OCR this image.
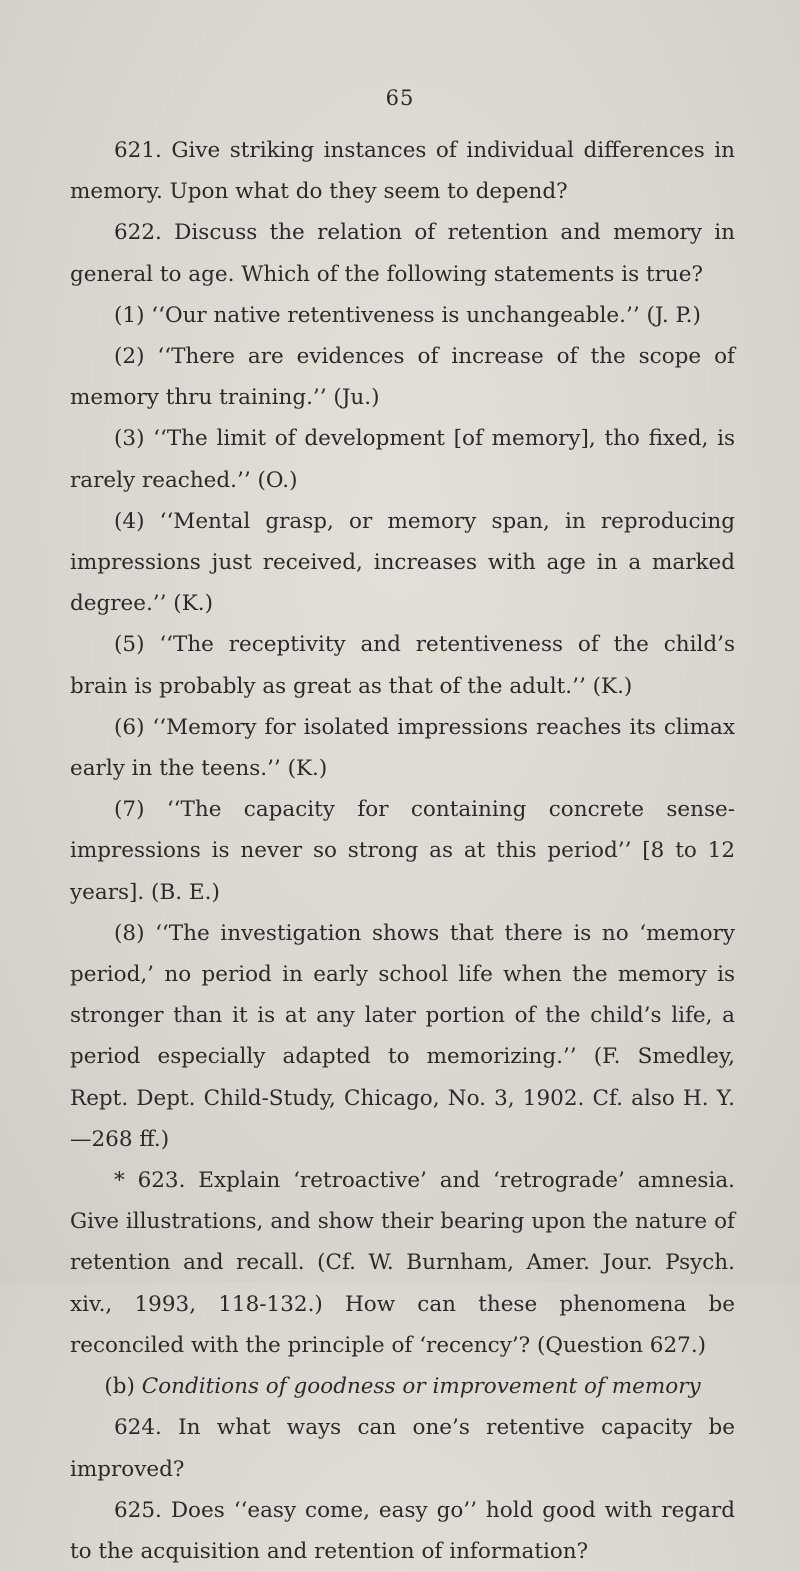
65

621. Give striking instances of individual differences in memory. Upon what do they seem to depend?

622. Discuss the relation of retention and memory in general to age. Which of the following statements is true?

(1) ‘‘Our native retentiveness is unchangeable.’’ (J. P.)

(2) ‘‘There are evidences of increase of the scope of memory thru training.’’ (Ju.)

(3) ‘‘The limit of development [of memory], tho fixed, is rarely reached.’’ (O.)

(4) ‘‘Mental grasp, or memory span, in reproducing impressions just received, increases with age in a marked degree.’’ (K.)

(5) ‘‘The receptivity and retentiveness of the child’s brain is probably as great as that of the adult.’’ (K.)

(6) ‘‘Memory for isolated impressions reaches its climax early in the teens.’’ (K.)

(7) ‘‘The capacity for containing concrete sense-impressions is never so strong as at this period’’ [8 to 12 years]. (B. E.)

(8) ‘‘The investigation shows that there is no ‘memory period,’ no period in early school life when the memory is stronger than it is at any later portion of the child’s life, a period especially adapted to memorizing.’’ (F. Smedley, Rept. Dept. Child-Study, Chicago, No. 3, 1902. Cf. also H. Y.—268 ff.)

* 623. Explain ‘retroactive’ and ‘retrograde’ amnesia. Give illustrations, and show their bearing upon the nature of retention and recall. (Cf. W. Burnham, Amer. Jour. Psych. xiv., 1993, 118-132.) How can these phenomena be reconciled with the principle of ‘recency’? (Question 627.)

(b) Conditions of goodness or improvement of memory

624. In what ways can one’s retentive capacity be improved?

625. Does ‘‘easy come, easy go’’ hold good with regard to the acquisition and retention of information?
